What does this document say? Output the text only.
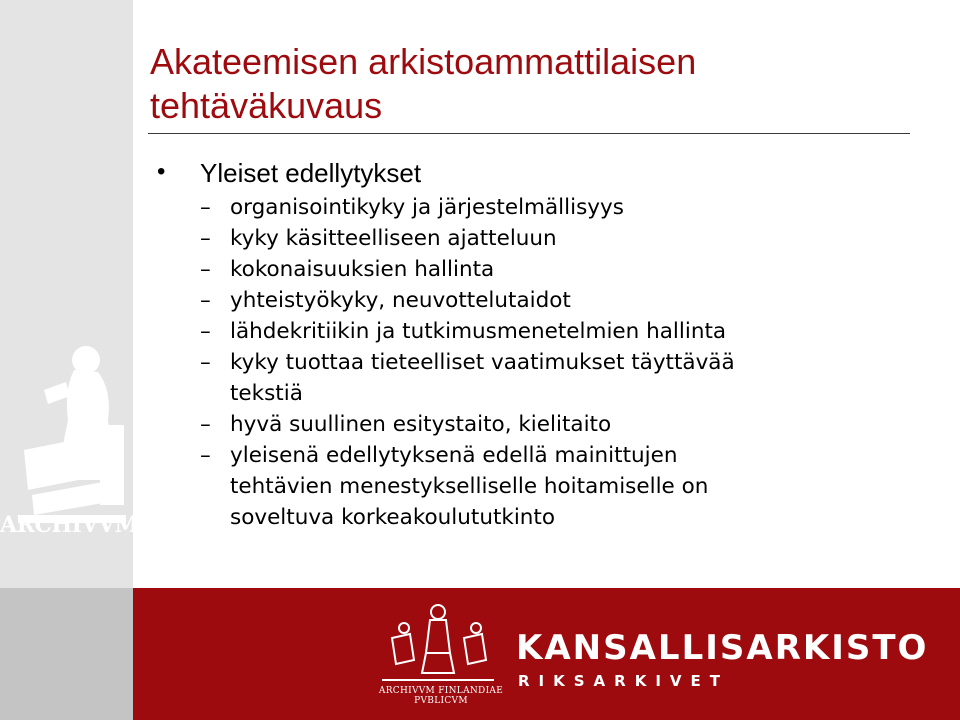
ARCHIVVM
Akateemisen arkistoammattilaisen tehtäväkuvaus
• Yleiset edellytykset
– organisointikyky ja järjestelmällisyys
– kyky käsitteelliseen ajatteluun
– kokonaisuuksien hallinta
– yhteistyökyky, neuvottelutaidot
– lähdekritiikin ja tutkimusmenetelmien hallinta
– kyky tuottaa tieteelliset vaatimukset täyttävää
tekstiä
– hyvä suullinen esitystaito, kielitaito
– yleisenä edellytyksenä edellä mainittujen
tehtävien menestykselliselle hoitamiselle on
soveltuva korkeakoulututkinto
ARCHIVVM FINLANDIAE PVBLICVM
KANSALLISARKISTO
RIKSARKIVET
